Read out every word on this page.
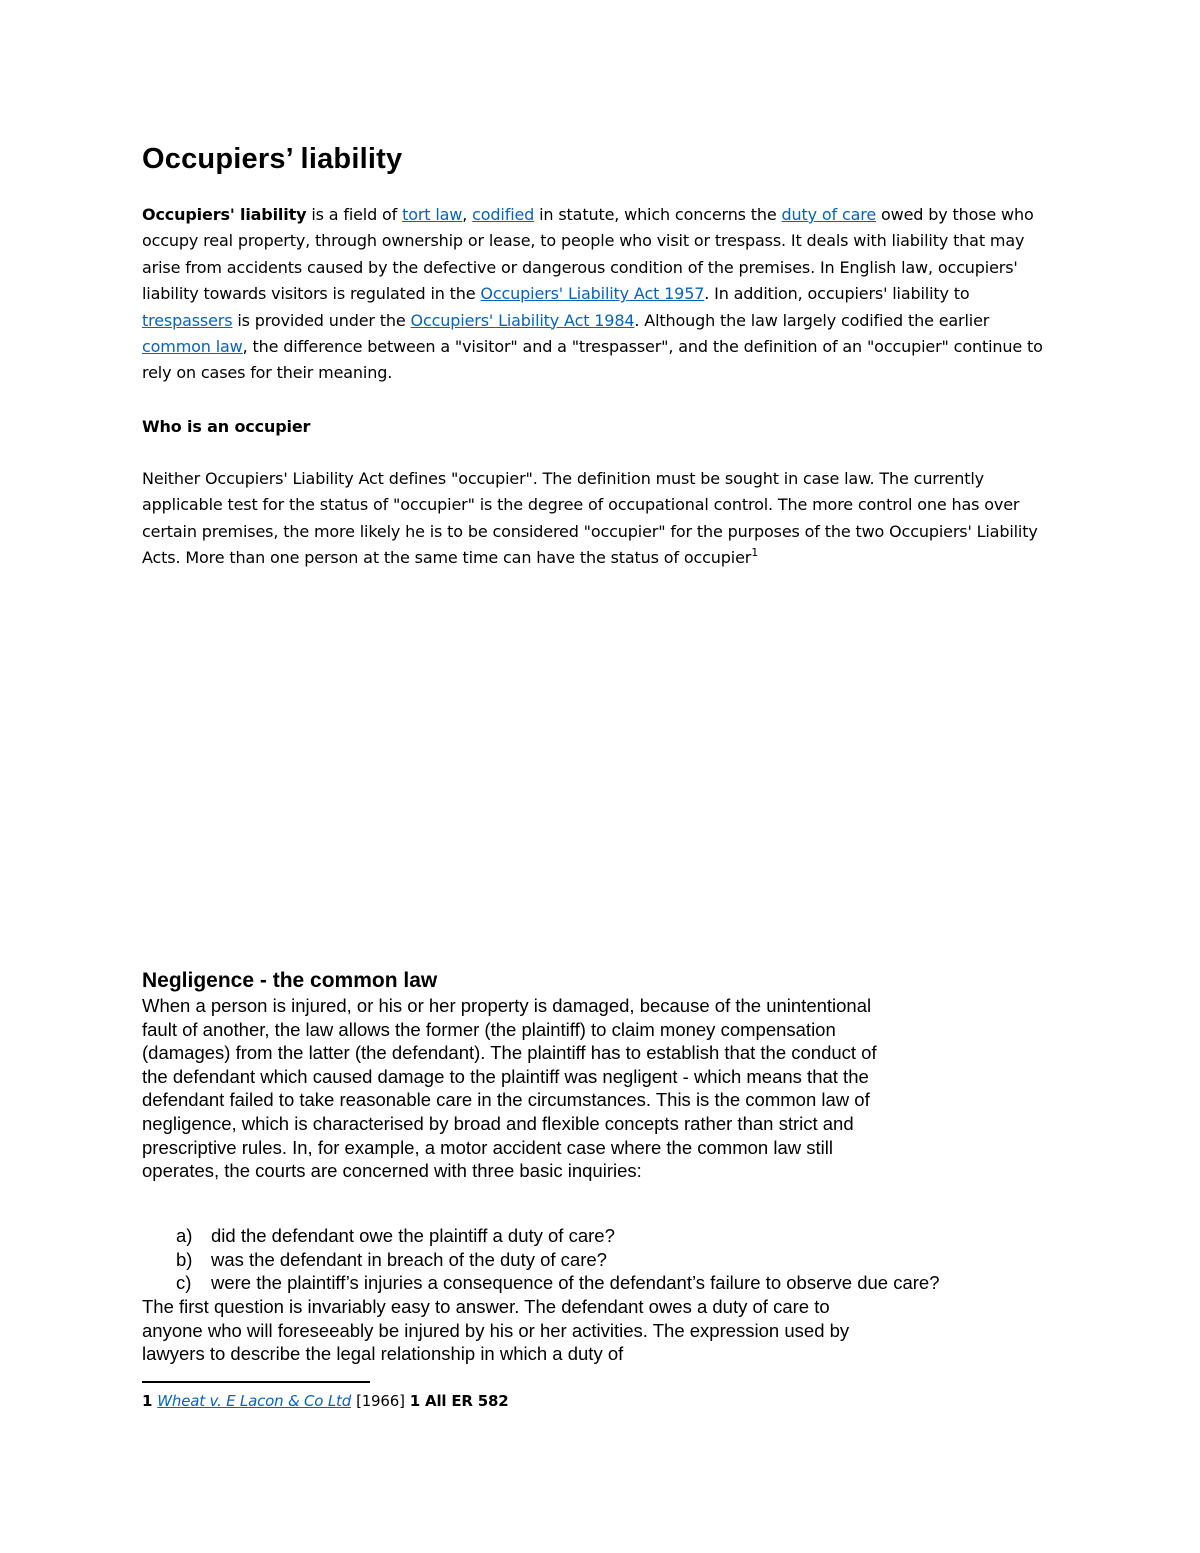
Occupiers’ liability

Occupiers' liability is a field of tort law, codified in statute, which concerns the duty of care owed by those who occupy real property, through ownership or lease, to people who visit or trespass. It deals with liability that may arise from accidents caused by the defective or dangerous condition of the premises. In English law, occupiers' liability towards visitors is regulated in the Occupiers' Liability Act 1957. In addition, occupiers' liability to trespassers is provided under the Occupiers' Liability Act 1984. Although the law largely codified the earlier common law, the difference between a "visitor" and a "trespasser", and the definition of an "occupier" continue to rely on cases for their meaning.

Who is an occupier

Neither Occupiers' Liability Act defines "occupier". The definition must be sought in case law. The currently applicable test for the status of "occupier" is the degree of occupational control. The more control one has over certain premises, the more likely he is to be considered "occupier" for the purposes of the two Occupiers' Liability Acts. More than one person at the same time can have the status of occupier$^1$

Negligence - the common law

When a person is injured, or his or her property is damaged, because of the unintentional fault of another, the law allows the former (the plaintiff) to claim money compensation (damages) from the latter (the defendant). The plaintiff has to establish that the conduct of the defendant which caused damage to the plaintiff was negligent - which means that the defendant failed to take reasonable care in the circumstances. This is the common law of negligence, which is characterised by broad and flexible concepts rather than strict and prescriptive rules. In, for example, a motor accident case where the common law still operates, the courts are concerned with three basic inquiries:

a) did the defendant owe the plaintiff a duty of care?
b) was the defendant in breach of the duty of care?
c) were the plaintiff’s injuries a consequence of the defendant’s failure to observe due care?

The first question is invariably easy to answer. The defendant owes a duty of care to anyone who will foreseeably be injured by his or her activities. The expression used by lawyers to describe the legal relationship in which a duty of

1 Wheat v. E Lacon & Co Ltd [1966] 1 All ER 582
